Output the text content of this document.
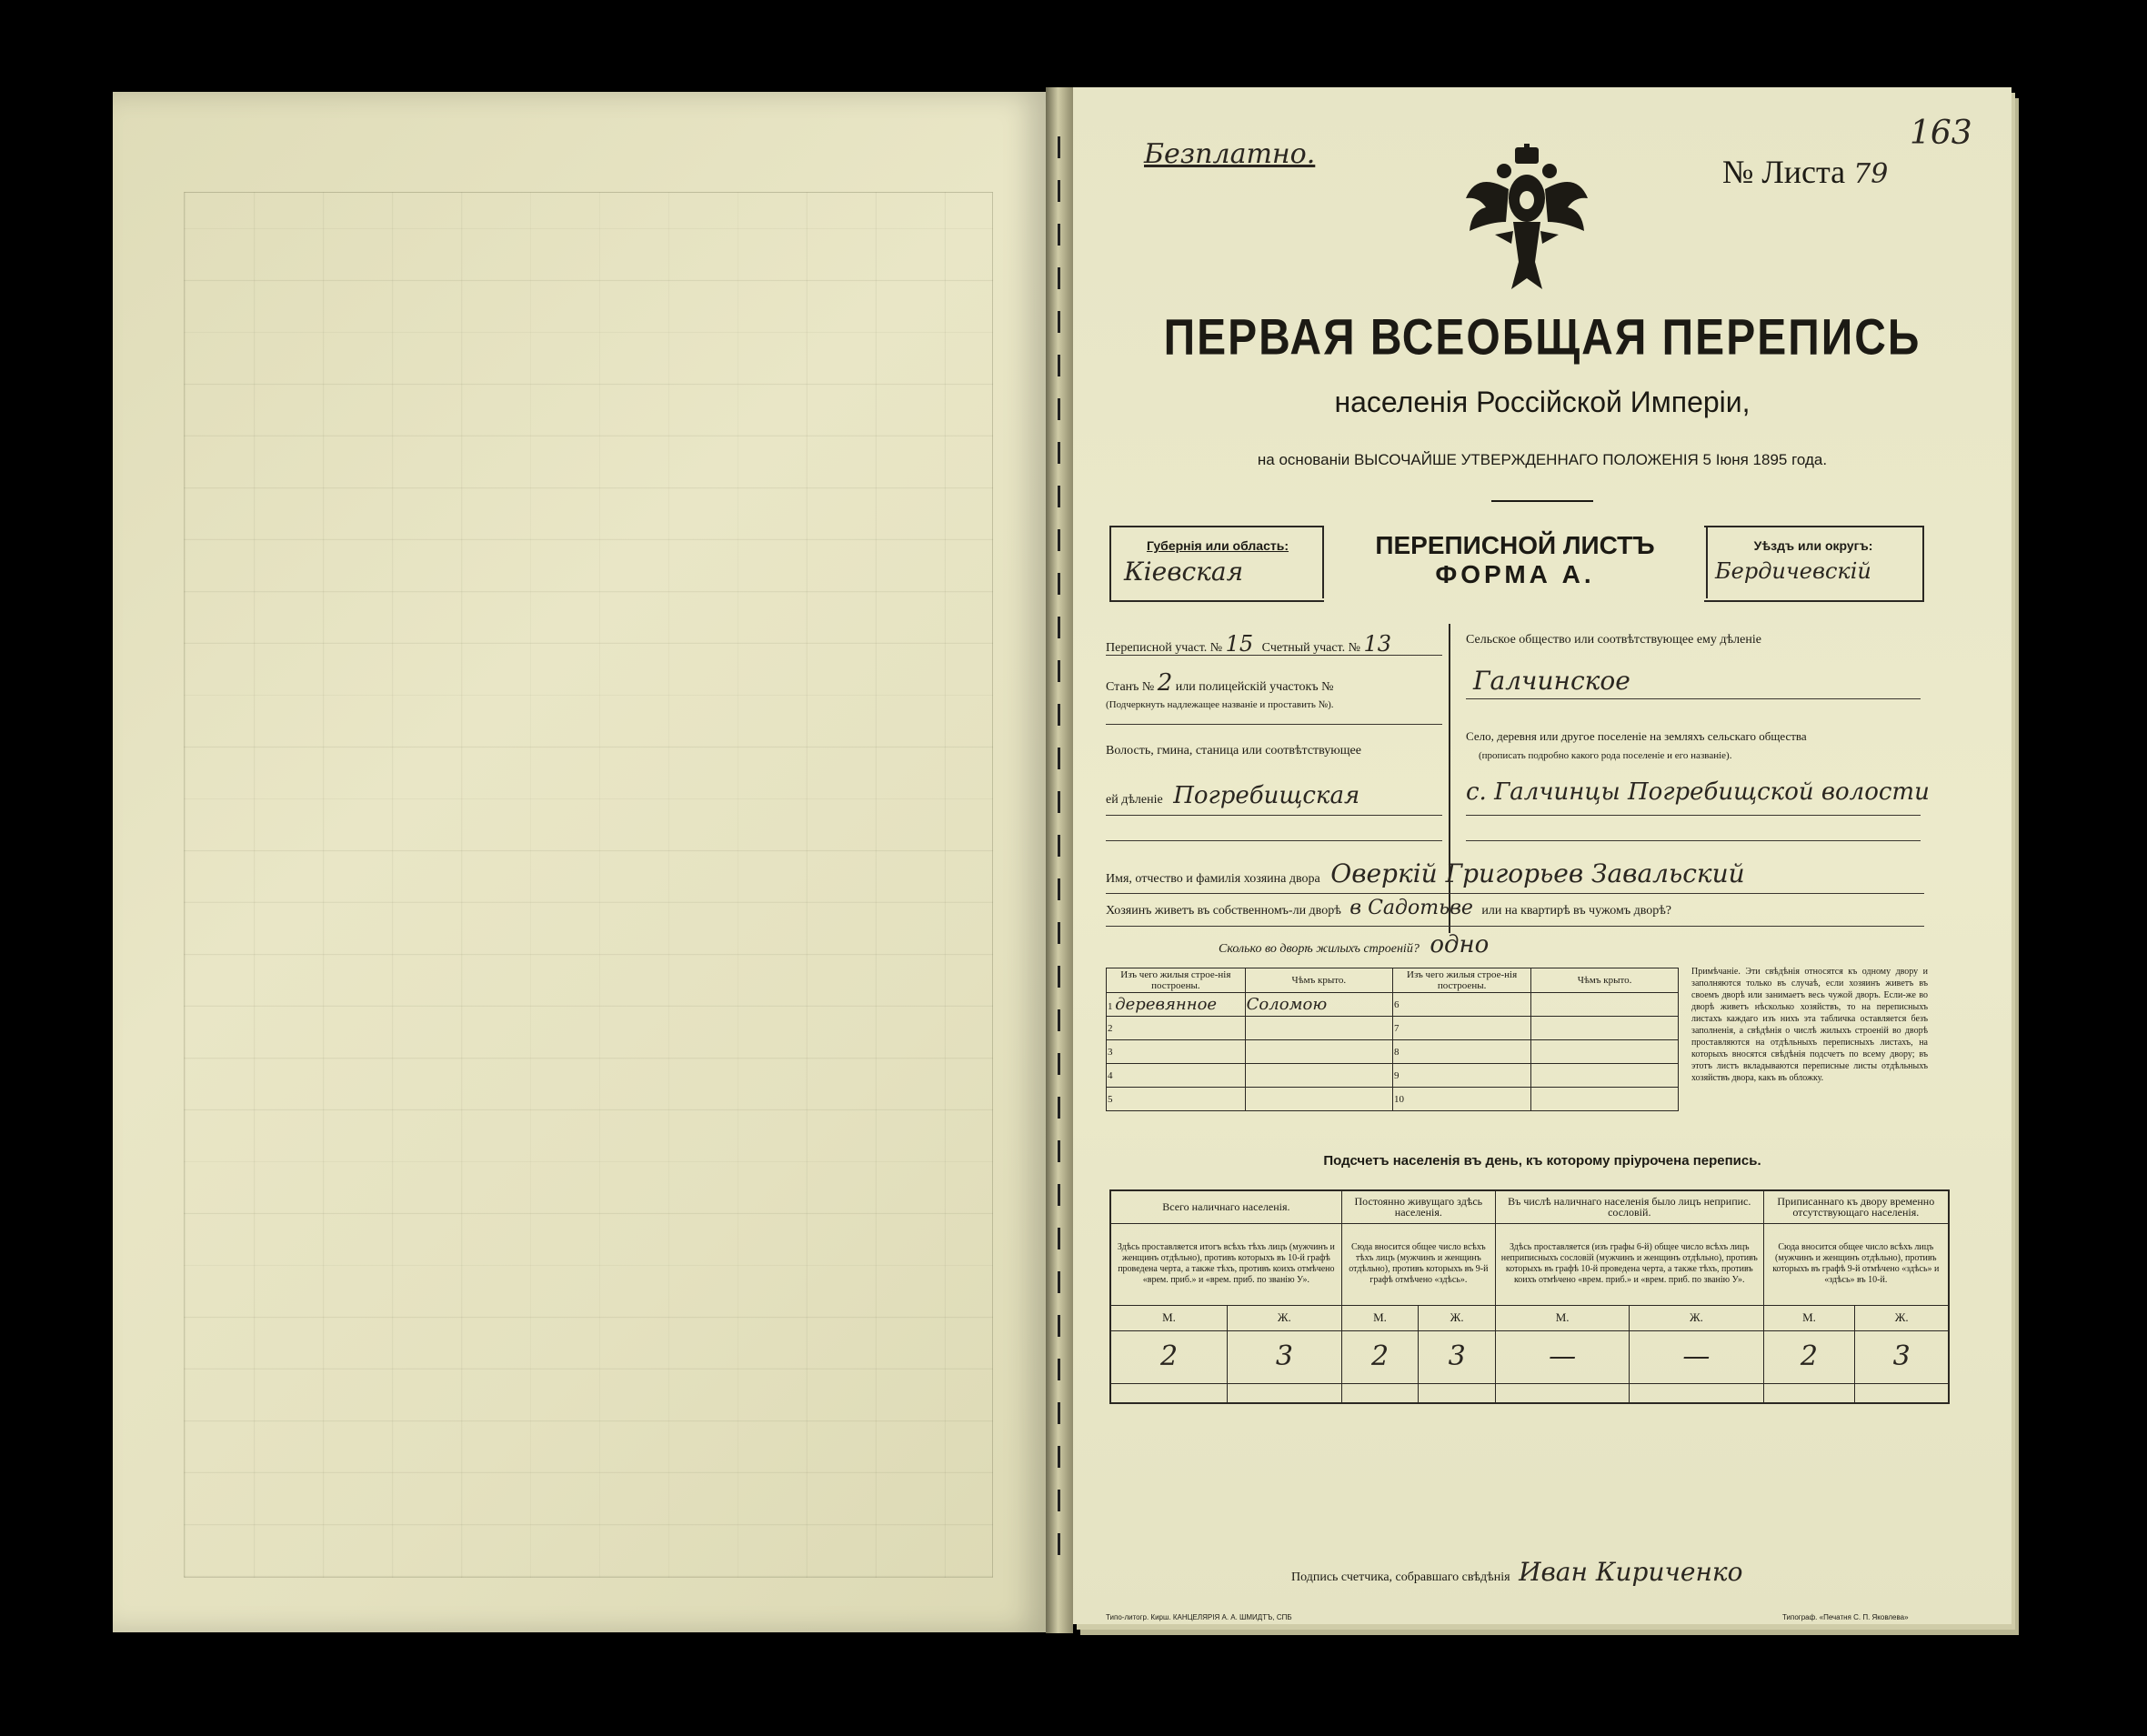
Безплатно.
163
№ Листа 79
ПЕРВАЯ ВСЕОБЩАЯ ПЕРЕПИСЬ
населенія Россійской Имперіи,
на основаніи ВЫСОЧАЙШЕ УТВЕРЖДЕННАГО ПОЛОЖЕНІЯ 5 Іюня 1895 года.
Губернія или область:
Кіевская
ПЕРЕПИСНОЙ ЛИСТЪ
ФОРМА А.
Уѣздъ или округъ:
Бердичевскій
Переписной участ. № 15 Счетный участ. № 13
Станъ № 2 или полицейскій участокъ №
(Подчеркнуть надлежащее названіе и проставить №).
Волость, гмина, станица или соотвѣтствующее
ей дѣленіе Погребищская
Сельское общество или соотвѣтствующее ему дѣленіе
Галчинское
Село, деревня или другое поселеніе на земляхъ сельскаго общества
(прописать подробно какого рода поселеніе и его названіе).
с. Галчинцы Погребищской волости
Имя, отчество и фамилія хозяина двора Оверкій Григорьев Завальский
Хозяинъ живетъ въ собственномъ-ли дворѣ в Садотьве или на квартирѣ въ чужомъ дворѣ?
Сколько во дворѣ жилыхъ строеній? одно
Изъ чего жилыя строе-нія построены.	Чѣмъ крыто.	Изъ чего жилыя строе-нія построены.	Чѣмъ крыто.
1 деревянное	Соломою	6	
2		7	
3		8	
4		9	
5		10	
Примѣчаніе. Эти свѣдѣнія относятся къ одному двору и заполняются только въ случаѣ, если хозяинъ живетъ въ своемъ дворѣ или занимаетъ весь чужой дворъ. Если-же во дворѣ живетъ нѣсколько хозяйствъ, то на переписныхъ листахъ каждаго изъ нихъ эта табличка оставляется безъ заполненія, а свѣдѣнія о числѣ жилыхъ строеній во дворѣ проставляются на отдѣльныхъ переписныхъ листахъ, на которыхъ вносятся свѣдѣнія подсчетъ по всему двору; въ этотъ листъ вкладываются переписные листы отдѣльныхъ хозяйствъ двора, какъ въ обложку.
Подсчетъ населенія въ день, къ которому пріурочена перепись.
Всего наличнаго населенія.		Постоянно живущаго здѣсь населенія.		Въ числѣ наличнаго населенія было лицъ неприпис. сословій.		Приписаннаго къ двору временно отсутствующаго населенія.	
Здѣсь проставляется итогъ всѣхъ тѣхъ лицъ (мужчинъ и женщинъ отдѣльно), противъ которыхъ въ 10-й графѣ проведена черта, а также тѣхъ, противъ коихъ отмѣчено «врем. приб.» и «врем. приб. по званію У».		Сюда вносится общее число всѣхъ тѣхъ лицъ (мужчинъ и женщинъ отдѣльно), противъ которыхъ въ 9-й графѣ отмѣчено «здѣсь».		Здѣсь проставляется (изъ графы 6-й) общее число всѣхъ лицъ неприписныхъ сословій (мужчинъ и женщинъ отдѣльно), противъ которыхъ въ графѣ 10-й проведена черта, а также тѣхъ, противъ коихъ отмѣчено «врем. приб.» и «врем. приб. по званію У».		Сюда вносится общее число всѣхъ лицъ (мужчинъ и женщинъ отдѣльно), противъ которыхъ въ графѣ 9-й отмѣчено «здѣсь» и «здѣсь» въ 10-й.	
М.	Ж.	М.	Ж.	М.	Ж.	М.	Ж.
2	3	2	3	—	—	2	3

Подпись счетчика, собравшаго свѣдѣнія Иван Кириченко
Типо-литогр. Кирш. КАНЦЕЛЯРІЯ А. А. ШМИДТЪ, СПБ	Типограф. «Печатня С. П. Яковлева»
